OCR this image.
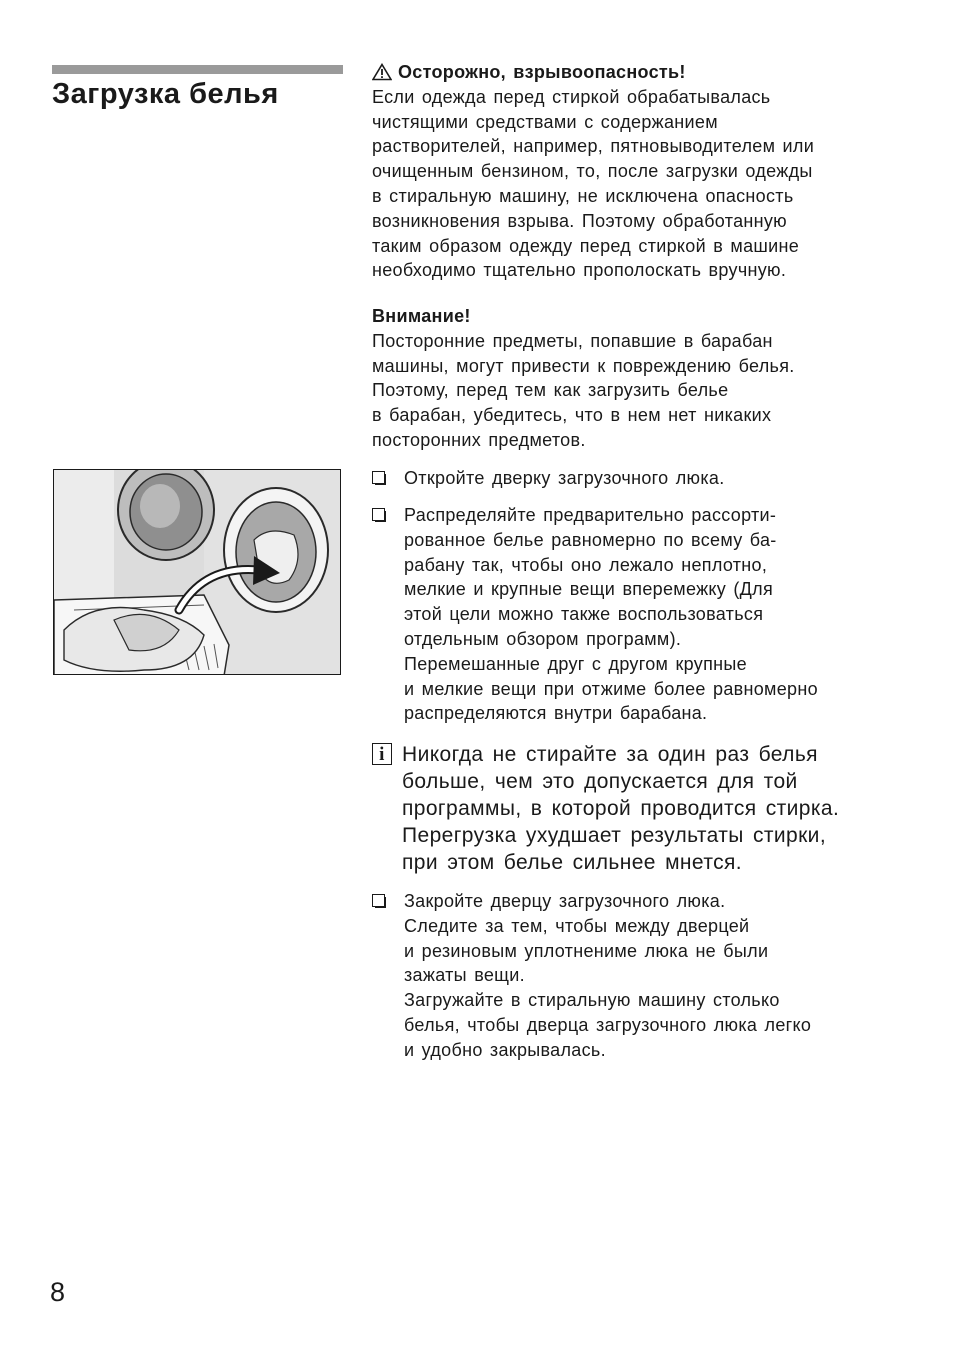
Загрузка белья
Осторожно, взрывоопасность!

Если одежда перед стиркой обрабатывалась

чистящими средствами с содержанием

растворителей, например, пятновыводителем или

очищенным бензином, то, после загрузки одежды

в стиральную машину, не исключена опасность

возникновения взрыва. Поэтому обработанную

таким образом одежду перед стиркой в машине

необходимо тщательно прополоскать вручную.

Внимание!

Посторонние предметы, попавшие в барабан

машины, могут привести к повреждению белья.

Поэтому, перед тем как загрузить белье

в барабан, убедитесь, что в нем нет никаких

посторонних предметов.

Откройте дверку загрузочного люка.

Распределяйте предварительно рассорти-

рованное белье равномерно по всему ба-

рабану так, чтобы оно лежало неплотно,

мелкие и крупные вещи вперемежку (Для

этой цели можно также воспользоваться

отдельным обзором программ).

Перемешанные друг с другом крупные

и мелкие вещи при отжиме более равномерно

распределяются внутри барабана.

i Никогда не стирайте за один раз белья

больше, чем это допускается для той

программы, в которой проводится стирка.

Перегрузка ухудшает результаты стирки,

при этом белье сильнее мнется.

Закройте дверцу загрузочного люка.

Следите за тем, чтобы между дверцей

и резиновым уплотнениме люка не были

зажаты вещи.

Загружайте в стиральную машину столько

белья, чтобы дверца загрузочного люка легко

и удобно закрывалась.

8
